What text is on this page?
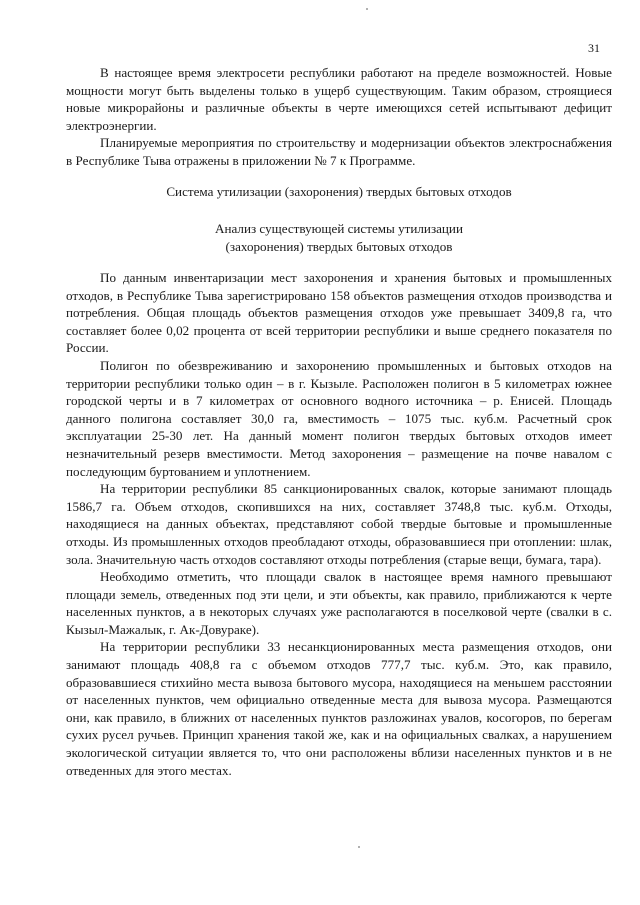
31

В настоящее время электросети республики работают на пределе возможностей. Новые мощности могут быть выделены только в ущерб существующим. Таким образом, строящиеся новые микрорайоны и различные объекты в черте имеющихся сетей испытывают дефицит электроэнергии.

Планируемые мероприятия по строительству и модернизации объектов электроснабжения в Республике Тыва отражены в приложении № 7 к Программе.

Система утилизации (захоронения) твердых бытовых отходов
Анализ существующей системы утилизации
(захоронения) твердых бытовых отходов

По данным инвентаризации мест захоронения и хранения бытовых и промышленных отходов, в Республике Тыва зарегистрировано 158 объектов размещения отходов производства и потребления. Общая площадь объектов размещения отходов уже превышает 3409,8 га, что составляет более 0,02 процента от всей территории республики и выше среднего показателя по России.

Полигон по обезвреживанию и захоронению промышленных и бытовых отходов на территории республики только один – в г. Кызыле. Расположен полигон в 5 километрах южнее городской черты и в 7 километрах от основного водного источника – р. Енисей. Площадь данного полигона составляет 30,0 га, вместимость – 1075 тыс. куб.м. Расчетный срок эксплуатации 25-30 лет. На данный момент полигон твердых бытовых отходов имеет незначительный резерв вместимости. Метод захоронения – размещение на почве навалом с последующим буртованием и уплотнением.

На территории республики 85 санкционированных свалок, которые занимают площадь 1586,7 га. Объем отходов, скопившихся на них, составляет 3748,8 тыс. куб.м. Отходы, находящиеся на данных объектах, представляют собой твердые бытовые и промышленные отходы. Из промышленных отходов преобладают отходы, образовавшиеся при отоплении: шлак, зола. Значительную часть отходов составляют отходы потребления (старые вещи, бумага, тара).

Необходимо отметить, что площади свалок в настоящее время намного превышают площади земель, отведенных под эти цели, и эти объекты, как правило, приближаются к черте населенных пунктов, а в некоторых случаях уже располагаются в поселковой черте (свалки в с. Кызыл-Мажалык, г. Ак-Довураке).

На территории республики 33 несанкционированных места размещения отходов, они занимают площадь 408,8 га с объемом отходов 777,7 тыс. куб.м. Это, как правило, образовавшиеся стихийно места вывоза бытового мусора, находящиеся на меньшем расстоянии от населенных пунктов, чем официально отведенные места для вывоза мусора. Размещаются они, как правило, в ближних от населенных пунктов разложинах увалов, косогоров, по берегам сухих русел ручьев. Принцип хранения такой же, как и на официальных свалках, а нарушением экологической ситуации является то, что они расположены вблизи населенных пунктов и в не отведенных для этого местах.
